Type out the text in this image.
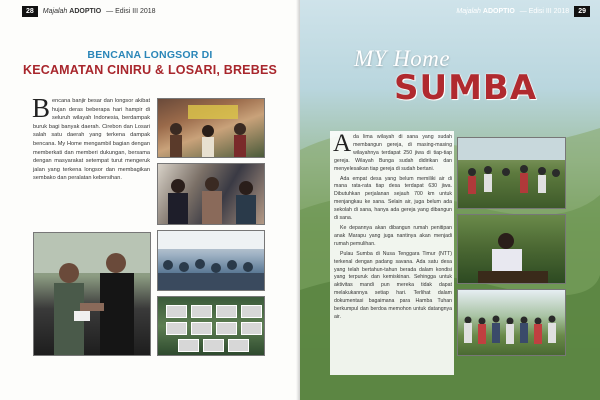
28	Majalah ADOPTIO — Edisi III 2018
BENCANA LONGSOR DI
KECAMATAN CINIRU & LOSARI, BREBES
B encana banjir besar dan longsor akibat hujan deras beberapa hari hampir di seluruh wilayah Indonesia, berdampak buruk bagi banyak daerah. Cirebon dan Losari salah satu daerah yang terkena dampak bencana. My Home mengambil bagian dengan memberkati dan memberi dukungan, bersama dengan masyarakat setempat turut mengeruk jalan yang terkena longsor dan membagikan sembako dan peralatan kebersihan.
Majalah ADOPTIO — Edisi III 2018	29
MY Home
SUMBA

A da lima wilayah di sana yang sudah membangun gereja, di masing-masing wilayahnya terdapat 250 jiwa di tiap-tiap gereja. Wilayah Bunga sudah didirikan dan menyelesaikan tiap gereja di sudah bertani.

Ada empat desa yang belum memiliki air di mana rata-rata tiap desa terdapat 630 jiwa. Dibutuhkan perjalanan sejauh 700 km untuk menjangkau ke sana. Selain air, juga belum ada sekolah di sana, hanya ada gereja yang dibangun di sana.

Ke depannya akan dibangun rumah penitipan anak Marapu yang juga nantinya akan menjadi rumah pemulihan.

Pulau Sumba di Nusa Tenggara Timur (NTT) terkenal dengan padang savana. Ada satu desa yang telah bertahun-tahun berada dalam kondisi yang terpuruk dan kemiskinan. Sehingga untuk aktivitas mandi pun mereka tidak dapat melakukannya setiap hari. Terlihat dalam dokumentasi bagaimana para Hamba Tuhan berkumpul dan berdoa memohon untuk datangnya air.
